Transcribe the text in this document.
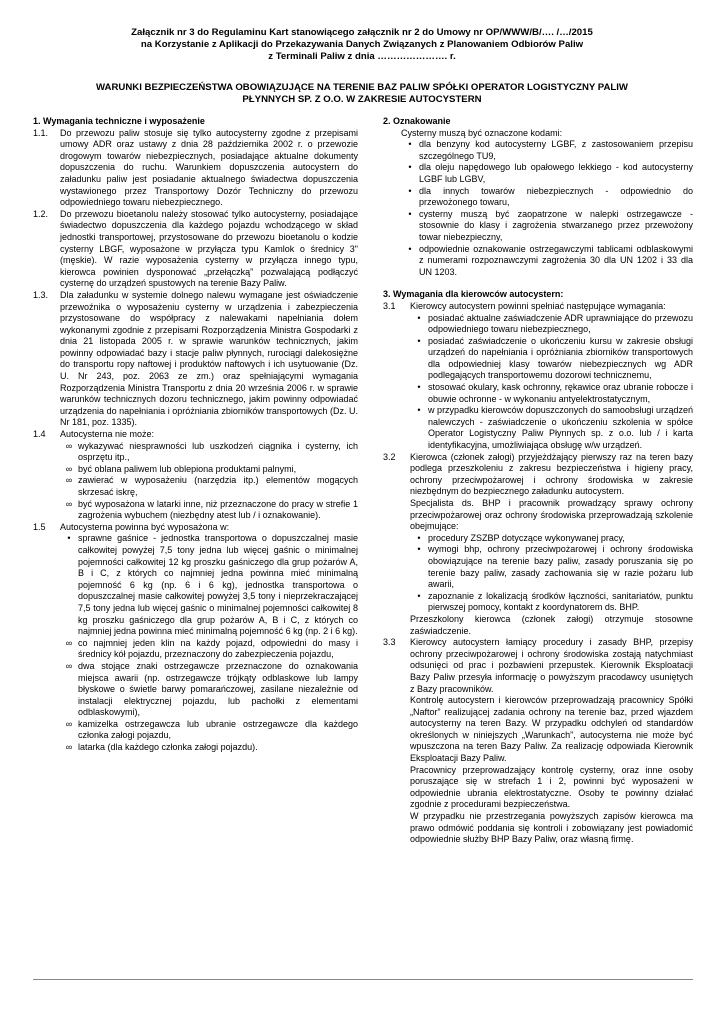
Załącznik nr 3 do Regulaminu Kart stanowiącego załącznik nr 2 do Umowy nr OP/WWW/B/…. /…/2015
na Korzystanie z Aplikacji do Przekazywania Danych Związanych z Planowaniem Odbiorów Paliw
z Terminali Paliw z dnia …………………. r.
WARUNKI BEZPIECZEŃSTWA OBOWIĄZUJĄCE NA TERENIE BAZ PALIW SPÓŁKI OPERATOR LOGISTYCZNY PALIW
PŁYNNYCH SP. Z O.O. W ZAKRESIE AUTOCYSTERN

1. Wymagania techniczne i wyposażenie

1.1.	Do przewozu paliw stosuje się tylko autocysterny zgodne z przepisami umowy ADR oraz ustawy z dnia 28 października 2002 r. o przewozie drogowym towarów niebezpiecznych, posiadające aktualne dokumenty dopuszczenia do ruchu. Warunkiem dopuszczenia autocystern do załadunku paliw jest posiadanie aktualnego świadectwa dopuszczenia wystawionego przez Transportowy Dozór Techniczny do przewozu odpowiedniego towaru niebezpiecznego.
1.2.	Do przewozu bioetanolu należy stosować tylko autocysterny, posiadające świadectwo dopuszczenia dla każdego pojazdu wchodzącego w skład jednostki transportowej, przystosowane do przewozu bioetanolu o kodzie cysterny LBGF, wyposażone w przyłącza typu Kamlok o średnicy 3" (męskie). W razie wyposażenia cysterny w przyłącza innego typu, kierowca powinien dysponować „przełączką” pozwalającą podłączyć cysternę do urządzeń spustowych na terenie Bazy Paliw.
1.3.	Dla załadunku w systemie dolnego nalewu wymagane jest oświadczenie przewoźnika o wyposażeniu cysterny w urządzenia i zabezpieczenia przystosowane do współpracy z nalewakami napełniania dołem wykonanymi zgodnie z przepisami Rozporządzenia Ministra Gospodarki z dnia 21 listopada 2005 r. w sprawie warunków technicznych, jakim powinny odpowiadać bazy i stacje paliw płynnych, rurociągi dalekosiężne do transportu ropy naftowej i produktów naftowych i ich usytuowanie (Dz. U. Nr 243, poz. 2063 ze zm.) oraz spełniającymi wymagania Rozporządzenia Ministra Transportu z dnia 20 września 2006 r. w sprawie warunków technicznych dozoru technicznego, jakim powinny odpowiadać urządzenia do napełniania i opróżniania zbiorników transportowych (Dz. U. Nr 181, poz. 1335).
1.4	Autocysterna nie może:
∞ wykazywać niesprawności lub uszkodzeń ciągnika i cysterny, ich osprzętu itp.,
∞ być oblana paliwem lub oblepiona produktami palnymi,
∞ zawierać w wyposażeniu (narzędzia itp.) elementów mogących skrzesać iskrę,
∞ być wyposażona w latarki inne, niż przeznaczone do pracy w strefie 1 zagrożenia wybuchem (niezbędny atest lub / i oznakowanie).
1.5	Autocysterna powinna być wyposażona w:
• sprawne gaśnice - jednostka transportowa o dopuszczalnej masie całkowitej powyżej 7,5 tony jedna lub więcej gaśnic o minimalnej pojemności całkowitej 12 kg proszku gaśniczego dla grup pożarów A, B i C, z których co najmniej jedna powinna mieć minimalną pojemność 6 kg (np. 6 i 6 kg), jednostka transportowa o dopuszczalnej masie całkowitej powyżej 3,5 tony i nieprzekraczającej 7,5 tony jedna lub więcej gaśnic o minimalnej pojemności całkowitej 8 kg proszku gaśniczego dla grup pożarów A, B i C, z których co najmniej jedna powinna mieć minimalną pojemność 6 kg (np. 2 i 6 kg).
∞ co najmniej jeden klin na każdy pojazd, odpowiedni do masy i średnicy kół pojazdu, przeznaczony do zabezpieczenia pojazdu,
∞ dwa stojące znaki ostrzegawcze przeznaczone do oznakowania miejsca awarii (np. ostrzegawcze trójkąty odblaskowe lub lampy błyskowe o świetle barwy pomarańczowej, zasilane niezależnie od instalacji elektrycznej pojazdu, lub pachołki z elementami odblaskowymi),
∞ kamizelka ostrzegawcza lub ubranie ostrzegawcze dla każdego członka załogi pojazdu,
∞ latarka (dla każdego członka załogi pojazdu).

2. Oznakowanie

Cysterny muszą być oznaczone kodami:

• dla benzyny kod autocysterny LGBF, z zastosowaniem przepisu szczególnego TU9,
• dla oleju napędowego lub opałowego lekkiego - kod autocysterny LGBF lub LGBV,
• dla innych towarów niebezpiecznych - odpowiednio do przewożonego towaru,
• cysterny muszą być zaopatrzone w nalepki ostrzegawcze - stosownie do klasy i zagrożenia stwarzanego przez przewożony towar niebezpieczny,
• odpowiednie oznakowanie ostrzegawczymi tablicami odblaskowymi z numerami rozpoznawczymi zagrożenia 30 dla UN 1202 i 33 dla UN 1203.

3. Wymagania dla kierowców autocystern:

3.1	Kierowcy autocystern powinni spełniać następujące wymagania:
• posiadać aktualne zaświadczenie ADR uprawniające do przewozu odpowiedniego towaru niebezpiecznego,
• posiadać zaświadczenie o ukończeniu kursu w zakresie obsługi urządzeń do napełniania i opróżniania zbiorników transportowych dla odpowiedniej klasy towarów niebezpiecznych wg ADR podlegających transportowemu dozorowi technicznemu,
• stosować okulary, kask ochronny, rękawice oraz ubranie robocze i obuwie ochronne - w wykonaniu antyelektrostatycznym,
• w przypadku kierowców dopuszczonych do samoobsługi urządzeń nalewczych - zaświadczenie o ukończeniu szkolenia w spółce Operator Logistyczny Paliw Płynnych sp. z o.o. lub / i karta identyfikacyjna, umożliwiająca obsługę w/w urządzeń.
3.2	Kierowca (członek załogi) przyjeżdżający pierwszy raz na teren bazy podlega przeszkoleniu z zakresu bezpieczeństwa i higieny pracy, ochrony przeciwpożarowej i ochrony środowiska w zakresie niezbędnym do bezpiecznego załadunku autocystern.

Specjalista ds. BHP i pracownik prowadzący sprawy ochrony przeciwpożarowej oraz ochrony środowiska przeprowadzają szkolenie obejmujące:

• procedury ZSZBP dotyczące wykonywanej pracy,
• wymogi bhp, ochrony przeciwpożarowej i ochrony środowiska obowiązujące na terenie bazy paliw, zasady poruszania się po terenie bazy paliw, zasady zachowania się w razie pożaru lub awarii,
• zapoznanie z lokalizacją środków łączności, sanitariatów, punktu pierwszej pomocy, kontakt z koordynatorem ds. BHP.

Przeszkolony kierowca (członek załogi) otrzymuje stosowne zaświadczenie.

3.3	Kierowcy autocystern łamiący procedury i zasady BHP, przepisy ochrony przeciwpożarowej i ochrony środowiska zostają natychmiast odsunięci od prac i pozbawieni przepustek. Kierownik Eksploatacji Bazy Paliw przesyła informację o powyższym pracodawcy usuniętych z Bazy pracowników.

Kontrolę autocystern i kierowców przeprowadzają pracownicy Spółki „Naftor” realizującej zadania ochrony na terenie baz, przed wjazdem autocysterny na teren Bazy. W przypadku odchyleń od standardów określonych w niniejszych „Warunkach”, autocysterna nie może być wpuszczona na teren Bazy Paliw. Za realizację odpowiada Kierownik Eksploatacji Bazy Paliw.

Pracownicy przeprowadzający kontrolę cysterny, oraz inne osoby poruszające się w strefach 1 i 2, powinni być wyposażeni w odpowiednie ubrania elektrostatyczne. Osoby te powinny działać zgodnie z procedurami bezpieczeństwa.

W przypadku nie przestrzegania powyższych zapisów kierowca ma prawo odmówić poddania się kontroli i zobowiązany jest powiadomić odpowiednie służby BHP Bazy Paliw, oraz własną firmę.
